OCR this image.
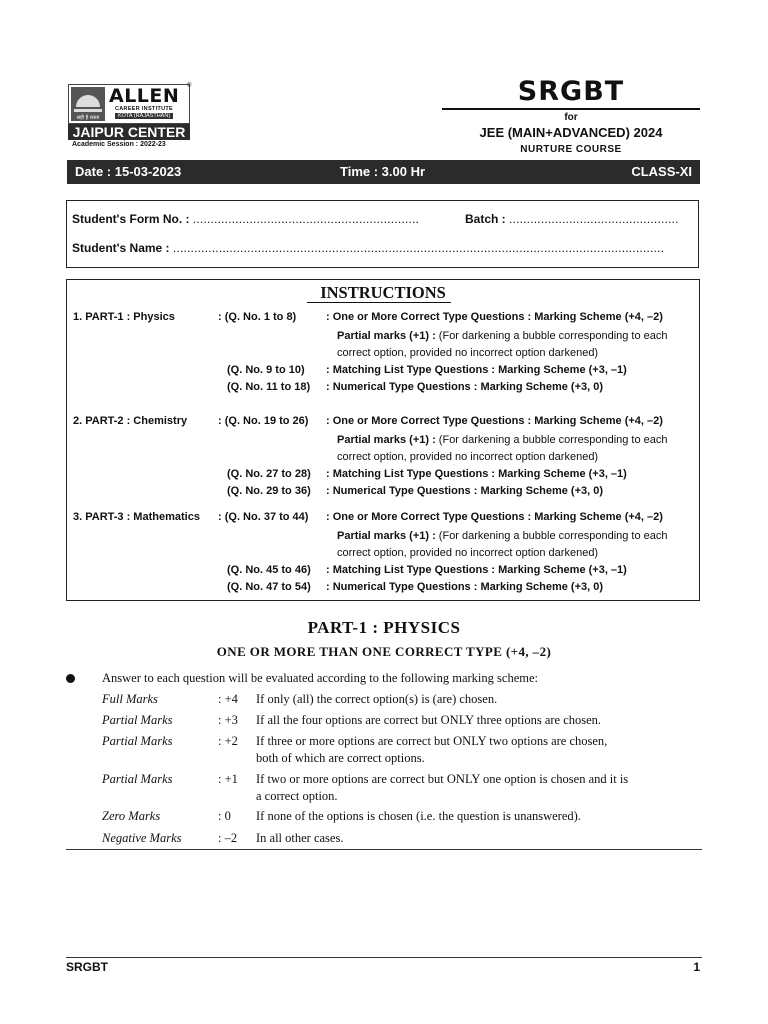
सही है रास्ता
ALLEN ®
CAREER INSTITUTE
KOTA (RAJASTHAN)
JAIPUR CENTER
Academic Session : 2022-23
SRGBT
for
JEE (MAIN+ADVANCED) 2024
NURTURE COURSE
Date : 15-03-2023	Time : 3.00 Hr	CLASS-XI
Student's Form No. : ................................................................	Batch : ................................................
Student's Name : ...........................................................................................................................................
INSTRUCTIONS
1. PART-1 : Physics	: (Q. No. 1 to 8)	: One or More Correct Type Questions : Marking Scheme (+4, –2)
Partial marks (+1) : (For darkening a bubble corresponding to each
correct option, provided no incorrect option darkened)
(Q. No. 9 to 10) : Matching List Type Questions : Marking Scheme (+3, –1)
(Q. No. 11 to 18) : Numerical Type Questions : Marking Scheme (+3, 0)
2. PART-2 : Chemistry	: (Q. No. 19 to 26) : One or More Correct Type Questions : Marking Scheme (+4, –2)
Partial marks (+1) : (For darkening a bubble corresponding to each
correct option, provided no incorrect option darkened)
(Q. No. 27 to 28) : Matching List Type Questions : Marking Scheme (+3, –1)
(Q. No. 29 to 36) : Numerical Type Questions : Marking Scheme (+3, 0)
3. PART-3 : Mathematics : (Q. No. 37 to 44) : One or More Correct Type Questions : Marking Scheme (+4, –2)
Partial marks (+1) : (For darkening a bubble corresponding to each
correct option, provided no incorrect option darkened)
(Q. No. 45 to 46) : Matching List Type Questions : Marking Scheme (+3, –1)
(Q. No. 47 to 54) : Numerical Type Questions : Marking Scheme (+3, 0)
PART-1 : PHYSICS
ONE OR MORE THAN ONE CORRECT TYPE (+4, –2)
Answer to each question will be evaluated according to the following marking scheme:
Full Marks	: +4 If only (all) the correct option(s) is (are) chosen.
Partial Marks	: +3 If all the four options are correct but ONLY three options are chosen.
Partial Marks	: +2 If three or more options are correct but ONLY two options are chosen,
both of which are correct options.
Partial Marks	: +1 If two or more options are correct but ONLY one option is chosen and it is
a correct option.
Zero Marks	: 0 If none of the options is chosen (i.e. the question is unanswered).
Negative Marks	: –2 In all other cases.
SRGBT	1
